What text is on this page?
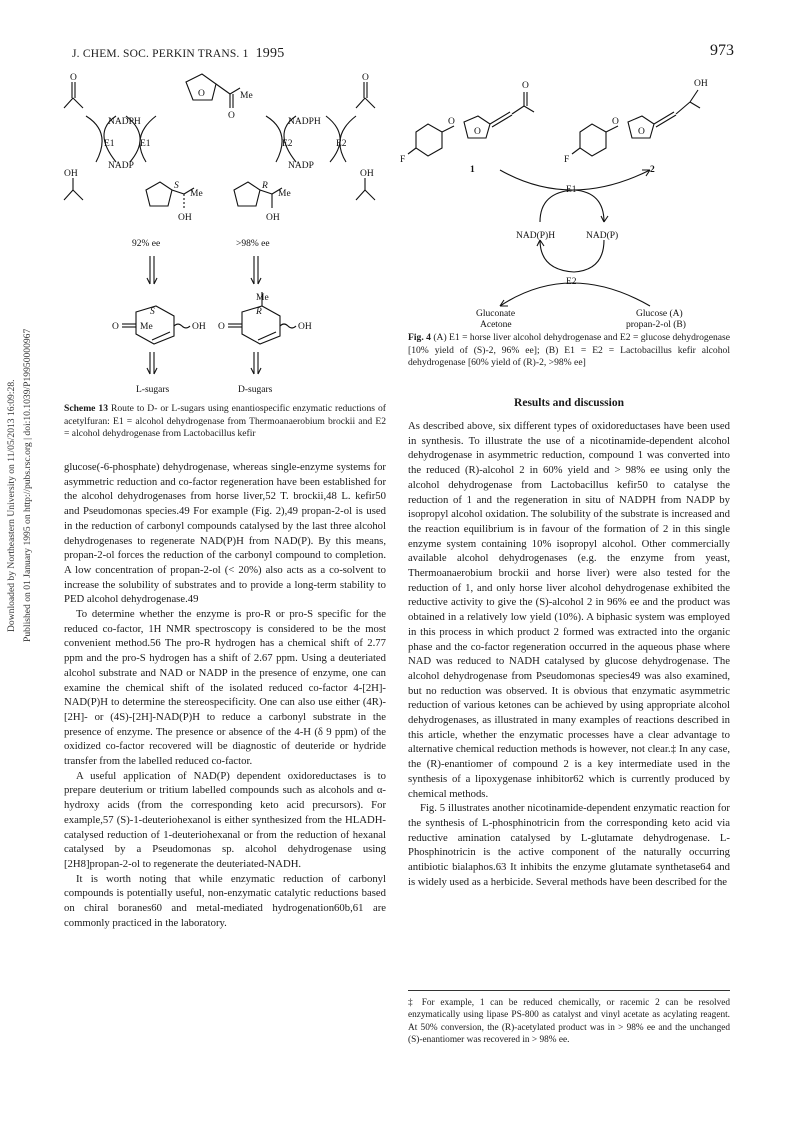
J. CHEM. SOC. PERKIN TRANS. 1 1995	973
Downloaded by Northeastern University on 11/05/2013 16:09:28. Published on 01 January 1995 on http://pubs.rsc.org | doi:10.1039/P19950000967
O	O
O	Me
O
NADPH
E1	E1
NADP
NADPH
E2	E2
NADP
OH	OH
S
Me
OH
R
Me
OH
92% ee	>98% ee
Me
S	R
O Me	OH O	OH
L-sugars	D-sugars
Scheme 13 Route to D- or L-sugars using enantiospecific enzymatic reductions of acetylfuran: E1 = alcohol dehydrogenase from Thermoanaerobium brockii and E2 = alcohol dehydrogenase from Lactobacillus kefir
F
O
O
O
1
F
O
O
OH
2
E1
NAD(P)H	NAD(P)
E2
Gluconate
Acetone
Glucose (A)
propan-2-ol (B)
Fig. 4 (A) E1 = horse liver alcohol dehydrogenase and E2 = glucose dehydrogenase [10% yield of (S)-2, 96% ee]; (B) E1 = E2 = Lactobacillus kefir alcohol dehydrogenase [60% yield of (R)-2, >98% ee]

glucose(-6-phosphate) dehydrogenase, whereas single-enzyme systems for asymmetric reduction and co-factor regeneration have been established for the alcohol dehydrogenases from horse liver,52 T. brockii,48 L. kefir50 and Pseudomonas species.49 For example (Fig. 2),49 propan-2-ol is used in the reduction of carbonyl compounds catalysed by the last three alcohol dehydrogenases to regenerate NAD(P)H from NAD(P). By this means, propan-2-ol forces the reduction of the carbonyl compound to completion. A low concentration of propan-2-ol (< 20%) also acts as a co-solvent to increase the solubility of substrates and to provide a long-term stability to PED alcohol dehydrogenase.49

To determine whether the enzyme is pro-R or pro-S specific for the reduced co-factor, 1H NMR spectroscopy is considered to be the most convenient method.56 The pro-R hydrogen has a chemical shift of 2.77 ppm and the pro-S hydrogen has a shift of 2.67 ppm. Using a deuteriated alcohol substrate and NAD or NADP in the presence of enzyme, one can examine the chemical shift of the isolated reduced co-factor 4-[2H]-NAD(P)H to determine the stereospecificity. One can also use either (4R)-[2H]- or (4S)-[2H]-NAD(P)H to reduce a carbonyl substrate in the presence of enzyme. The presence or absence of the 4-H (δ 9 ppm) of the oxidized co-factor recovered will be diagnostic of deuteride or hydride transfer from the labelled reduced co-factor.

A useful application of NAD(P) dependent oxidoreductases is to prepare deuterium or tritium labelled compounds such as alcohols and α-hydroxy acids (from the corresponding keto acid precursors). For example,57 (S)-1-deuteriohexanol is either synthesized from the HLADH-catalysed reduction of 1-deuteriohexanal or from the reduction of hexanal catalysed by a Pseudomonas sp. alcohol dehydrogenase using [2H8]propan-2-ol to regenerate the deuteriated-NADH.

It is worth noting that while enzymatic reduction of carbonyl compounds is potentially useful, non-enzymatic catalytic reductions based on chiral boranes60 and metal-mediated hydrogenation60b,61 are commonly practiced in the laboratory.

Results and discussion

As described above, six different types of oxidoreductases have been used in synthesis. To illustrate the use of a nicotinamide-dependent alcohol dehydrogenase in asymmetric reduction, compound 1 was converted into the reduced (R)-alcohol 2 in 60% yield and > 98% ee using only the alcohol dehydrogenase from Lactobacillus kefir50 to catalyse the reduction of 1 and the regeneration in situ of NADPH from NADP by isopropyl alcohol oxidation. The solubility of the substrate is increased and the reaction equilibrium is in favour of the formation of 2 in this single enzyme system containing 10% isopropyl alcohol. Other commercially available alcohol dehydrogenases (e.g. the enzyme from yeast, Thermoanaerobium brockii and horse liver) were also tested for the reduction of 1, and only horse liver alcohol dehydrogenase exhibited the reductive activity to give the (S)-alcohol 2 in 96% ee and the product was obtained in a relatively low yield (10%). A biphasic system was employed in this process in which product 2 formed was extracted into the organic phase and the co-factor regeneration occurred in the aqueous phase where NAD was reduced to NADH catalysed by glucose dehydrogenase. The alcohol dehydrogenase from Pseudomonas species49 was also examined, but no reduction was observed. It is obvious that enzymatic asymmetric reduction of various ketones can be achieved by using appropriate alcohol dehydrogenases, as illustrated in many examples of reactions described in this article, whether the enzymatic processes have a clear advantage to alternative chemical reduction methods is however, not clear.‡ In any case, the (R)-enantiomer of compound 2 is a key intermediate used in the synthesis of a lipoxygenase inhibitor62 which is currently produced by chemical methods.

Fig. 5 illustrates another nicotinamide-dependent enzymatic reaction for the synthesis of L-phosphinotricin from the corresponding keto acid via reductive amination catalysed by L-glutamate dehydrogenase. L-Phosphinotricin is the active component of the naturally occurring antibiotic bialaphos.63 It inhibits the enzyme glutamate synthetase64 and is widely used as a herbicide. Several methods have been described for the

‡ For example, 1 can be reduced chemically, or racemic 2 can be resolved enzymatically using lipase PS-800 as catalyst and vinyl acetate as acylating reagent. At 50% conversion, the (R)-acetylated product was in > 98% ee and the unchanged (S)-enantiomer was recovered in > 98% ee.
